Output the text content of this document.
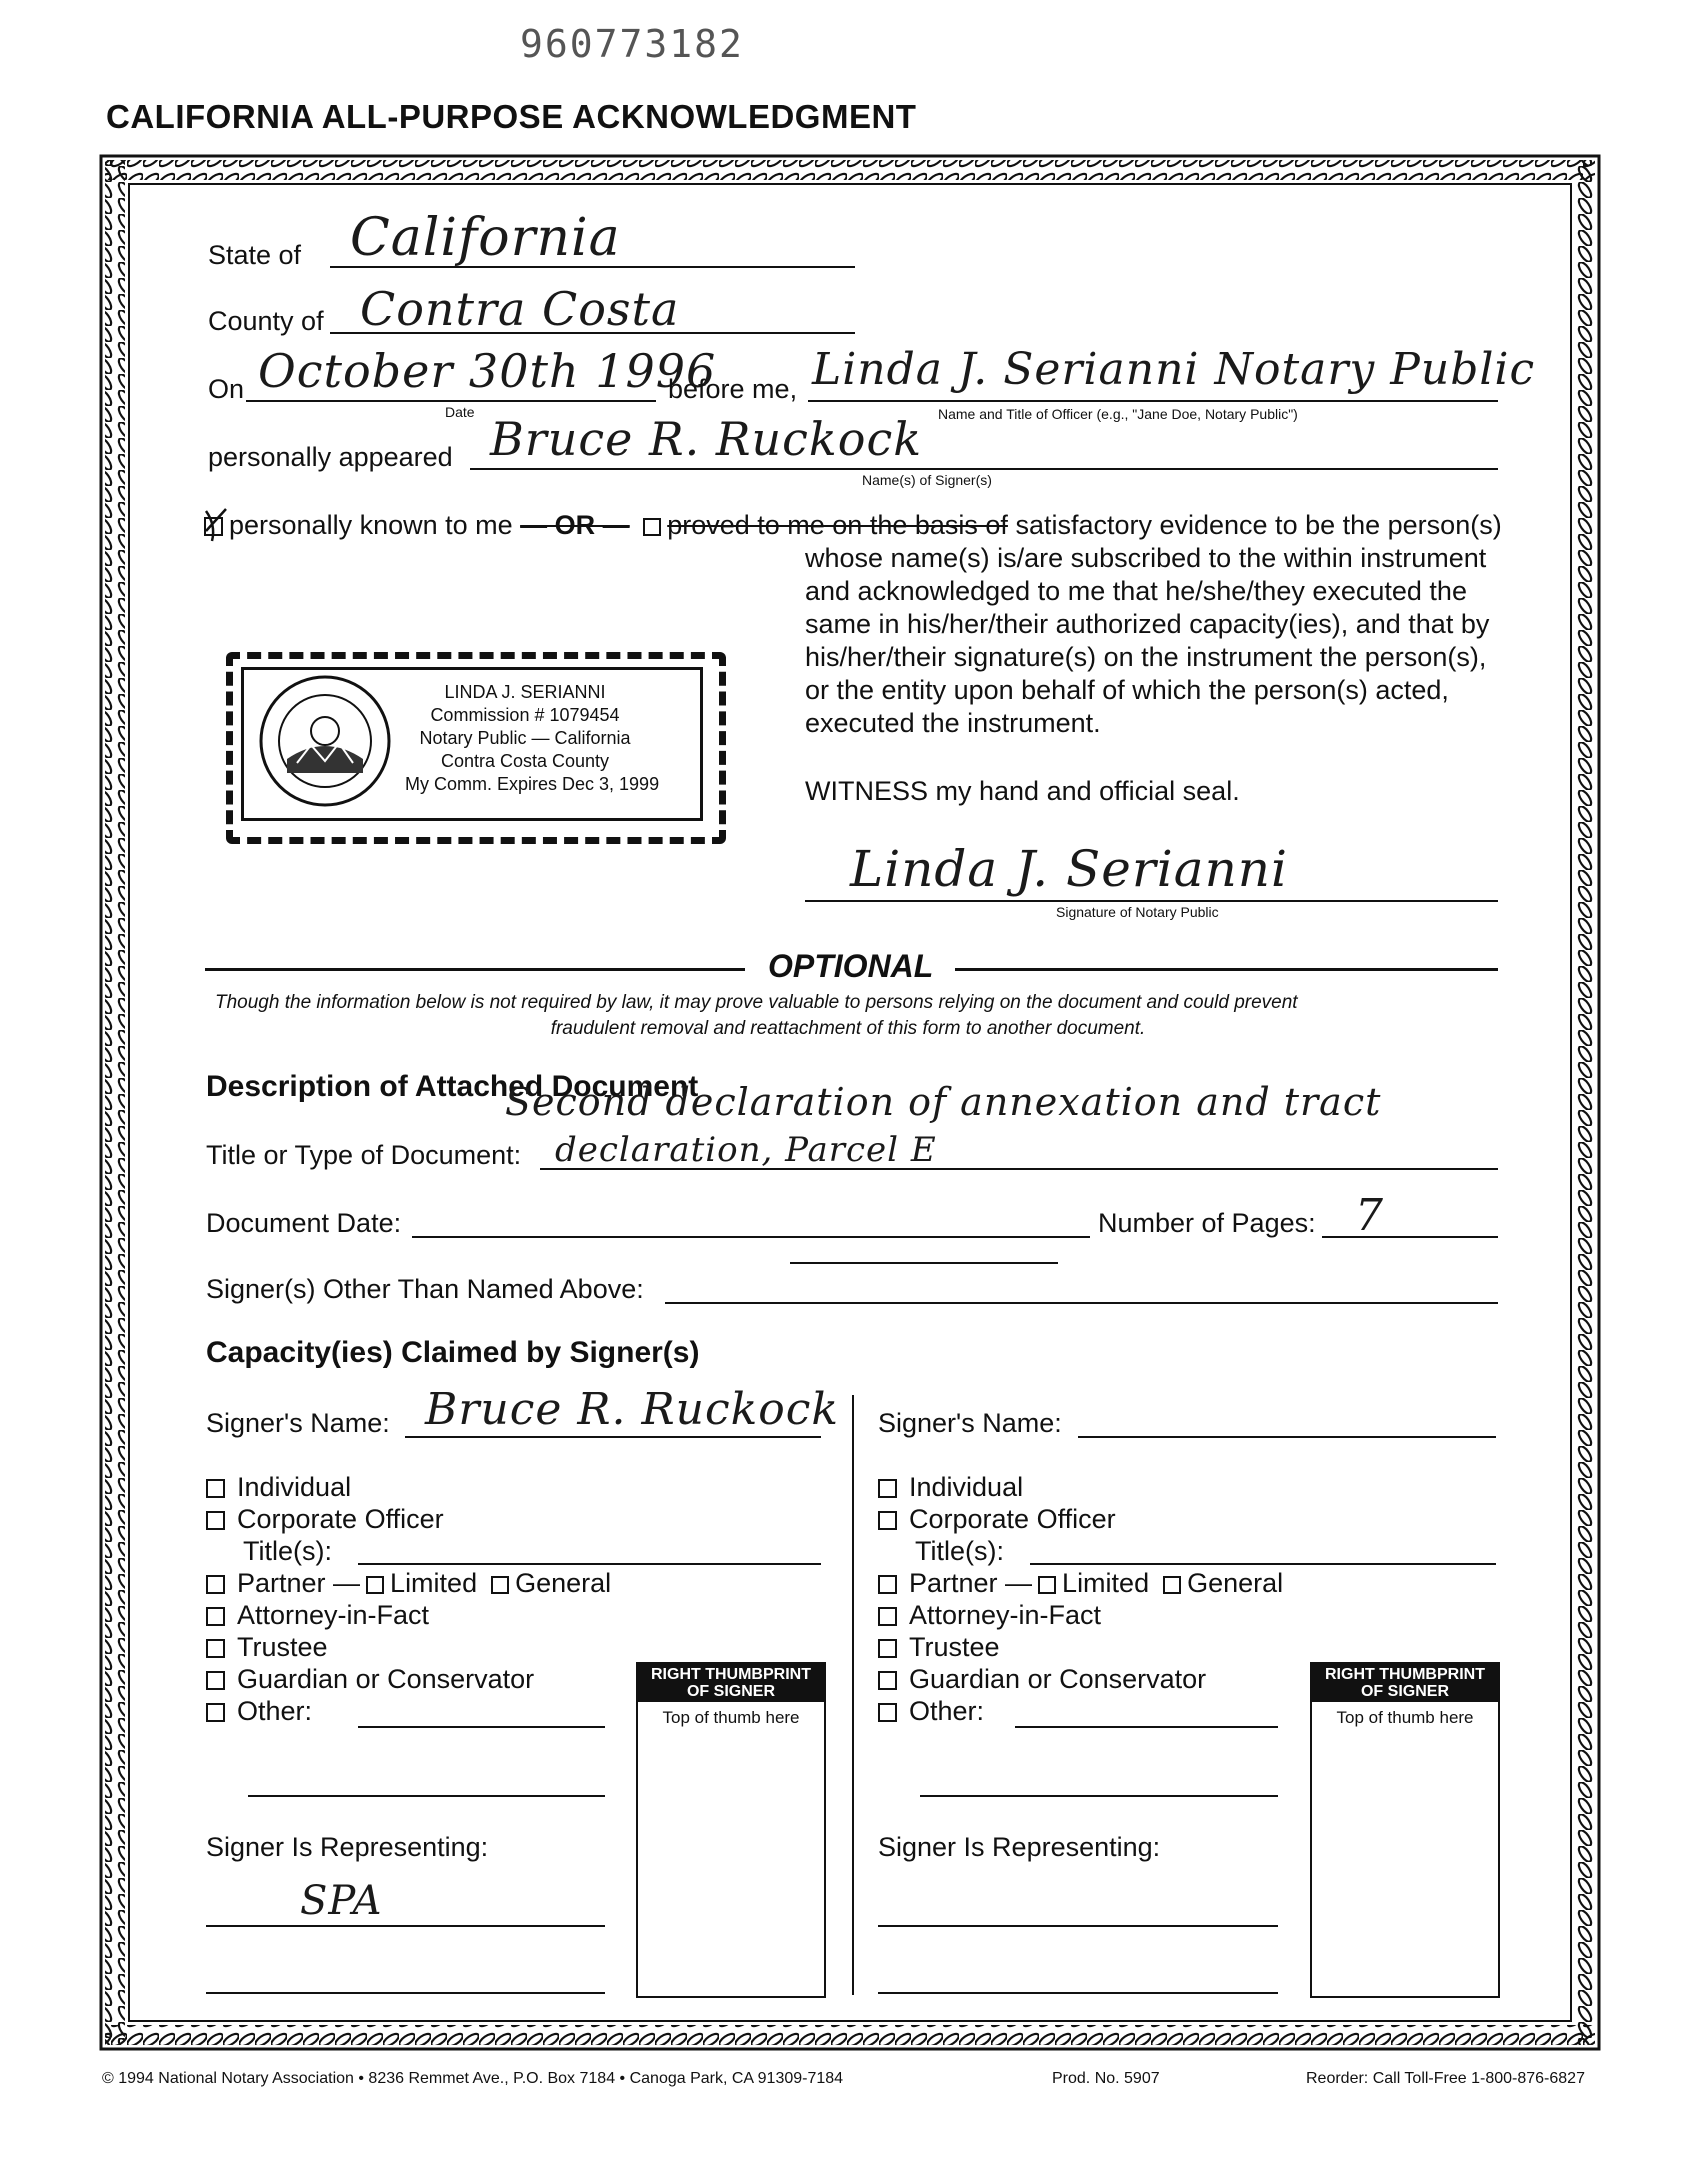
960773182
CALIFORNIA ALL-PURPOSE ACKNOWLEDGMENT
State of California
County of Contra Costa
On October 30th 1996
Date
before me, Linda J. Serianni Notary Public
Name and Title of Officer (e.g., "Jane Doe, Notary Public")
personally appeared Bruce R. Ruckock
Name(s) of Signer(s)
personally known to me — OR — proved to me on the basis of satisfactory evidence to be the person(s)
whose name(s) is/are subscribed to the within instrument
and acknowledged to me that he/she/they executed the
same in his/her/their authorized capacity(ies), and that by
his/her/their signature(s) on the instrument the person(s),
or the entity upon behalf of which the person(s) acted,
executed the instrument.
LINDA J. SERIANNI
Commission # 1079454
Notary Public — California
Contra Costa County
My Comm. Expires Dec 3, 1999	WITNESS my hand and official seal.
Linda J. Serianni
Signature of Notary Public
OPTIONAL
Though the information below is not required by law, it may prove valuable to persons relying on the document and could prevent
fraudulent removal and reattachment of this form to another document.
Description of Attached Document
Second declaration of annexation and tract
Title or Type of Document: declaration, Parcel E
Document Date:	Number of Pages: 7
Signer(s) Other Than Named Above:
Capacity(ies) Claimed by Signer(s)
Signer's Name: Bruce R. Ruckock
Individual
Corporate Officer
Title(s):
Partner — Limited General
Attorney-in-Fact
Trustee
Guardian or Conservator
Other:
RIGHT THUMBPRINT
OF SIGNER
Top of thumb here
Signer Is Representing:
SPA
Signer's Name:
Individual
Corporate Officer
Title(s):
Partner — Limited General
Attorney-in-Fact
Trustee
Guardian or Conservator
Other:
RIGHT THUMBPRINT
OF SIGNER
Top of thumb here
Signer Is Representing:
© 1994 National Notary Association • 8236 Remmet Ave., P.O. Box 7184 • Canoga Park, CA 91309-7184	Prod. No. 5907	Reorder: Call Toll-Free 1-800-876-6827
